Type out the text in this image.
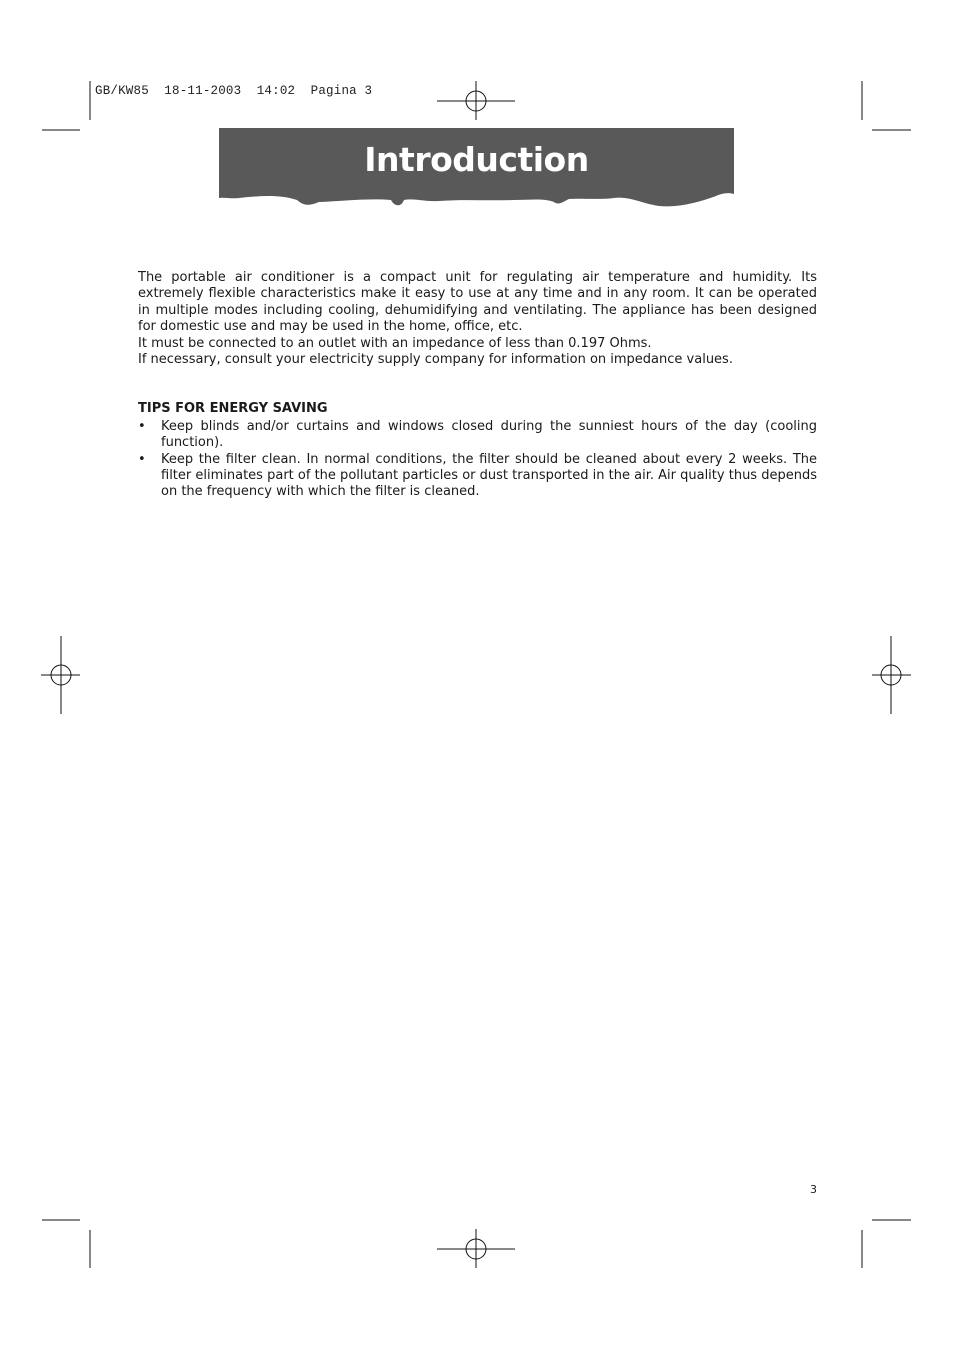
GB/KW85  18-11-2003  14:02  Pagina 3
Introduction

The portable air conditioner is a compact unit for regulating air temperature and humidity. Its extremely flexible characteristics make it easy to use at any time and in any room. It can be operated in multiple modes including cooling, dehumidifying and ventilating. The appliance has been designed for domestic use and may be used in the home, office, etc.

It must be connected to an outlet with an impedance of less than 0.197 Ohms.

If necessary, consult your electricity supply company for information on impedance values.

TIPS FOR ENERGY SAVING
• Keep blinds and/or curtains and windows closed during the sunniest hours of the day (cooling function).
• Keep the filter clean. In normal conditions, the filter should be cleaned about every 2 weeks. The filter eliminates part of the pollutant particles or dust transported in the air. Air quality thus depends on the frequency with which the filter is cleaned.
3
